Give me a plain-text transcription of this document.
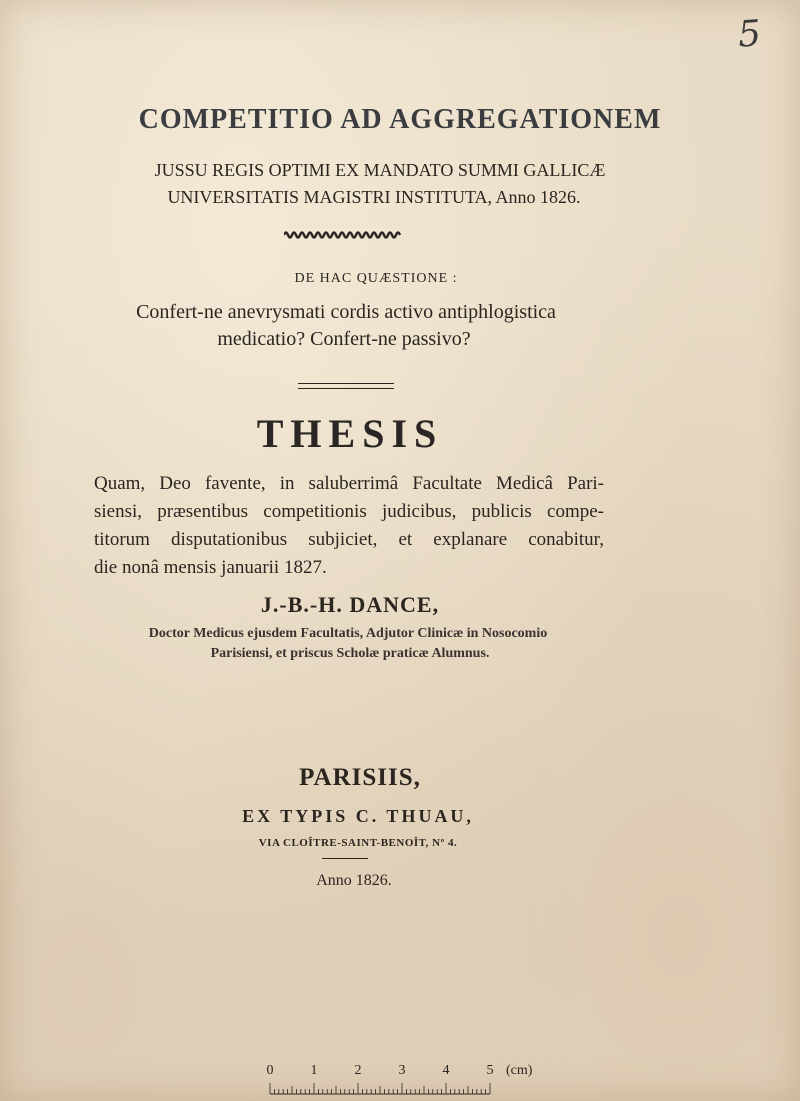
5
COMPETITIO AD AGGREGATIONEM
JUSSU REGIS OPTIMI EX MANDATO SUMMI GALLICÆ
UNIVERSITATIS MAGISTRI INSTITUTA, Anno 1826.
DE HAC QUÆSTIONE :
Confert-ne anevrysmati cordis activo antiphlogistica
medicatio? Confert-ne passivo?
THESIS
Quam, Deo favente, in saluberrimâ Facultate Medicâ Pari-
siensi, præsentibus competitionis judicibus, publicis compe-
titorum disputationibus subjiciet, et explanare conabitur,
die nonâ mensis januarii 1827.
J.-B.-H. DANCE,
Doctor Medicus ejusdem Facultatis, Adjutor Clinicæ in Nosocomio
Parisiensi, et priscus Scholæ praticæ Alumnus.
PARISIIS,
EX TYPIS C. THUAU,
VIA CLOÎTRE-SAINT-BENOÎT, Nº 4.
Anno 1826.
0	1	2	3	4	5 (cm)
